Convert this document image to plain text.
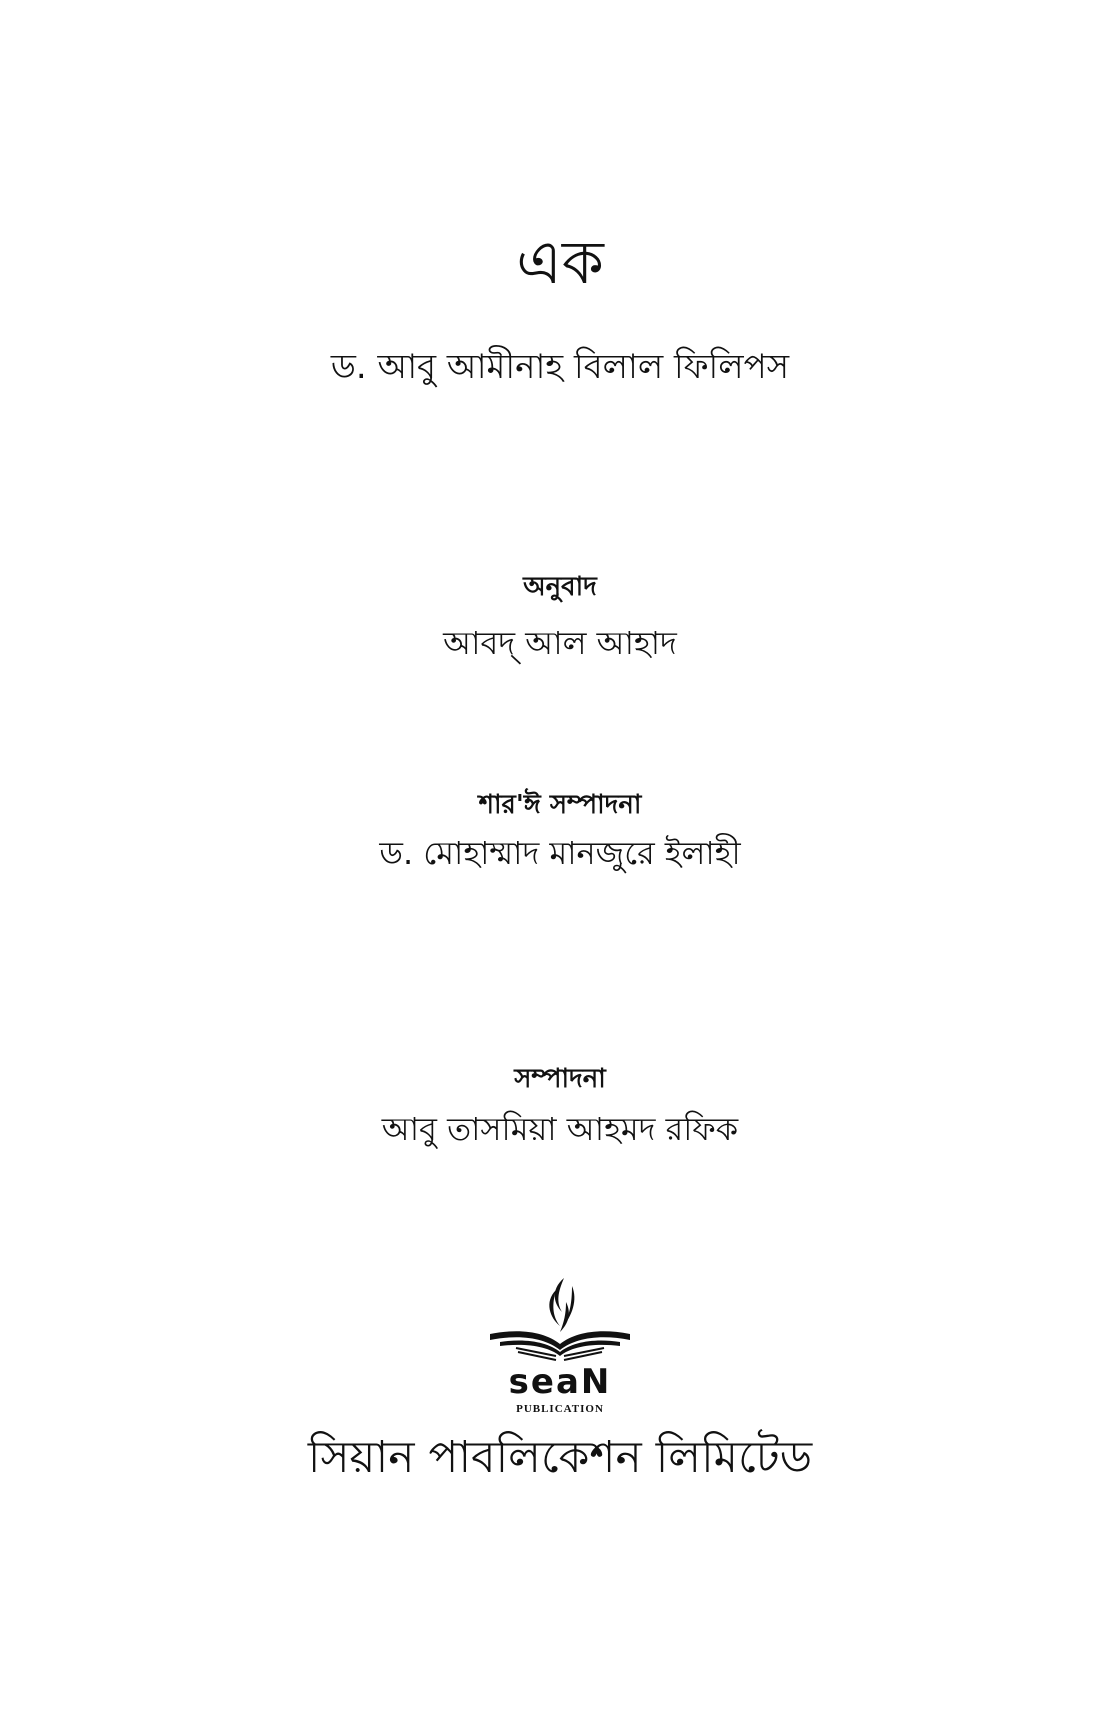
এক
ড. আবু আমীনাহ বিলাল ফিলিপস
অনুবাদ
আবদ্ আল আহাদ
শার'ঈ সম্পাদনা
ড. মোহাম্মাদ মানজুরে ইলাহী
সম্পাদনা
আবু তাসমিয়া আহমদ রফিক
seaN
PUBLICATION
সিয়ান পাবলিকেশন লিমিটেড
